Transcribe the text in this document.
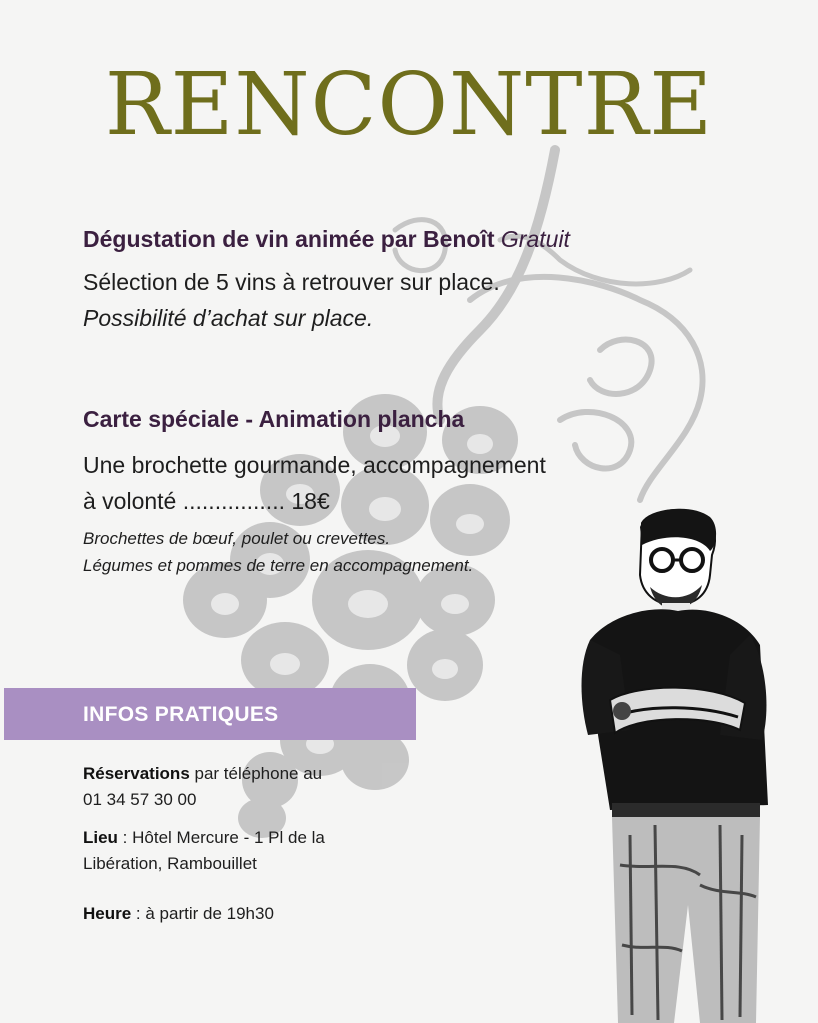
RENCONTRE

Dégustation de vin animée par Benoît Gratuit

Sélection de 5 vins à retrouver sur place.

Possibilité d’achat sur place.

Carte spéciale - Animation plancha

Une brochette gourmande, accompagnement

à volonté ................ 18€

Brochettes de bœuf, poulet ou crevettes.

Légumes et pommes de terre en accompagnement.

INFOS PRATIQUES

Réservations par téléphone au
01 34 57 30 00

Lieu : Hôtel Mercure - 1 Pl de la
Libération, Rambouillet

Heure : à partir de 19h30
